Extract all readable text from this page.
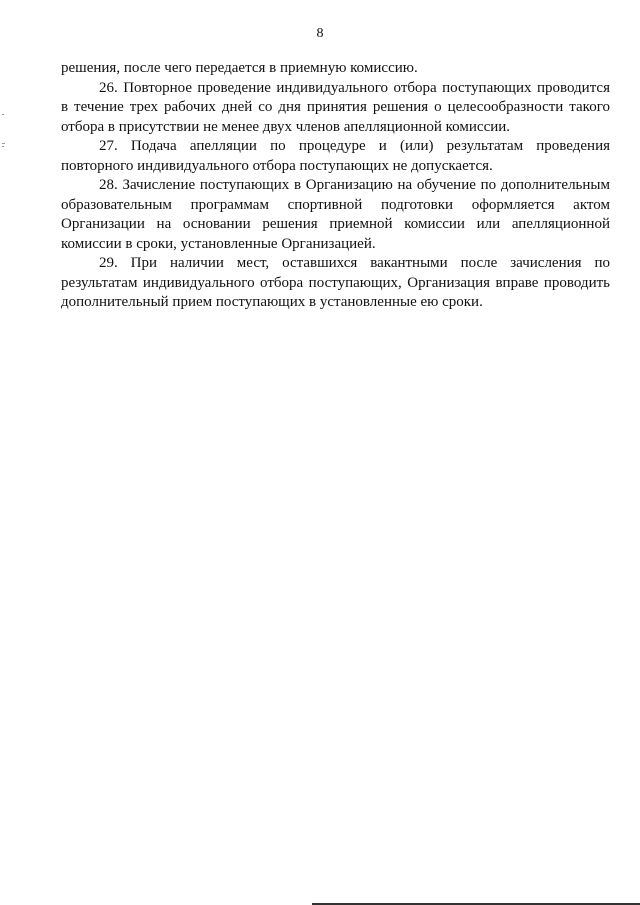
8

решения, после чего передается в приемную комиссию.

26. Повторное проведение индивидуального отбора поступающих проводится в течение трех рабочих дней со дня принятия решения о целесообразности такого отбора в присутствии не менее двух членов апелляционной комиссии.

27. Подача апелляции по процедуре и (или) результатам проведения повторного индивидуального отбора поступающих не допускается.

28. Зачисление поступающих в Организацию на обучение по дополнительным образовательным программам спортивной подготовки оформляется актом Организации на основании решения приемной комиссии или апелляционной комиссии в сроки, установленные Организацией.

29. При наличии мест, оставшихся вакантными после зачисления по результатам индивидуального отбора поступающих, Организация вправе проводить дополнительный прием поступающих в установленные ею сроки.
